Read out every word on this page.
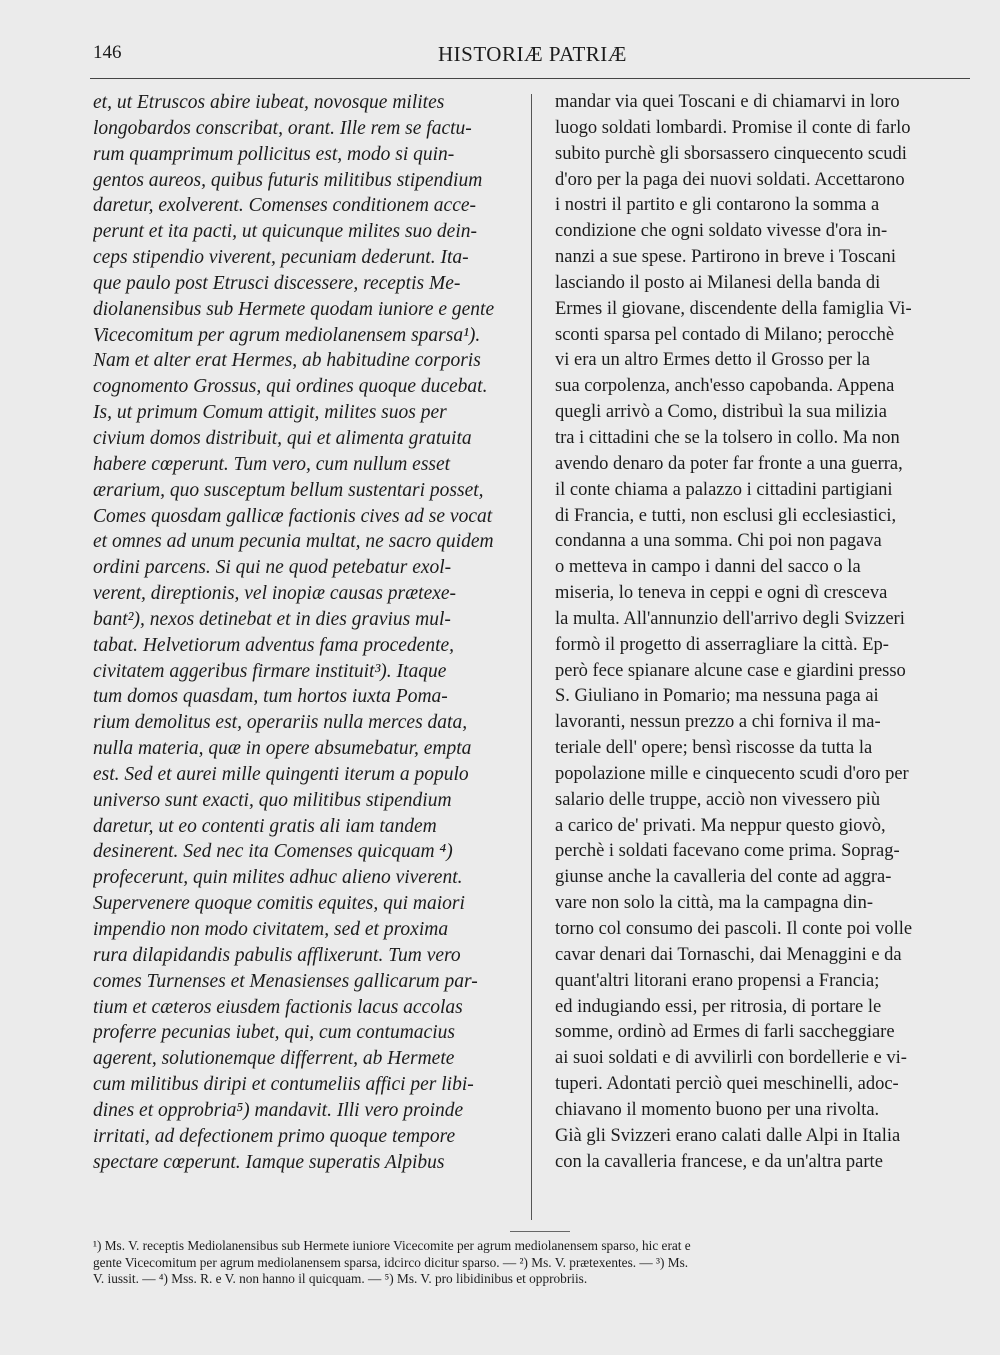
146	HISTORIÆ PATRIÆ
et, ut Etruscos abire iubeat, novosque milites
longobardos conscribat, orant. Ille rem se factu-
rum quamprimum pollicitus est, modo si quin-
gentos aureos, quibus futuris militibus stipendium
daretur, exolverent. Comenses conditionem acce-
perunt et ita pacti, ut quicunque milites suo dein-
ceps stipendio viverent, pecuniam dederunt. Ita-
que paulo post Etrusci discessere, receptis Me-
diolanensibus sub Hermete quodam iuniore e gente
Vicecomitum per agrum mediolanensem sparsa¹).
Nam et alter erat Hermes, ab habitudine corporis
cognomento Grossus, qui ordines quoque ducebat.
Is, ut primum Comum attigit, milites suos per
civium domos distribuit, qui et alimenta gratuita
habere cœperunt. Tum vero, cum nullum esset
ærarium, quo susceptum bellum sustentari posset,
Comes quosdam gallicæ factionis cives ad se vocat
et omnes ad unum pecunia multat, ne sacro quidem
ordini parcens. Si qui ne quod petebatur exol-
verent, direptionis, vel inopiæ causas prætexe-
bant²), nexos detinebat et in dies gravius mul-
tabat. Helvetiorum adventus fama procedente,
civitatem aggeribus firmare instituit³). Itaque
tum domos quasdam, tum hortos iuxta Poma-
rium demolitus est, operariis nulla merces data,
nulla materia, quæ in opere absumebatur, empta
est. Sed et aurei mille quingenti iterum a populo
universo sunt exacti, quo militibus stipendium
daretur, ut eo contenti gratis ali iam tandem
desinerent. Sed nec ita Comenses quicquam ⁴)
profecerunt, quin milites adhuc alieno viverent.
Supervenere quoque comitis equites, qui maiori
impendio non modo civitatem, sed et proxima
rura dilapidandis pabulis afflixerunt. Tum vero
comes Turnenses et Menasienses gallicarum par-
tium et cæteros eiusdem factionis lacus accolas
proferre pecunias iubet, qui, cum contumacius
agerent, solutionemque differrent, ab Hermete
cum militibus diripi et contumeliis affici per libi-
dines et opprobria⁵) mandavit. Illi vero proinde
irritati, ad defectionem primo quoque tempore
spectare cœperunt. Iamque superatis Alpibus
mandar via quei Toscani e di chiamarvi in loro
luogo soldati lombardi. Promise il conte di farlo
subito purchè gli sborsassero cinquecento scudi
d'oro per la paga dei nuovi soldati. Accettarono
i nostri il partito e gli contarono la somma a
condizione che ogni soldato vivesse d'ora in-
nanzi a sue spese. Partirono in breve i Toscani
lasciando il posto ai Milanesi della banda di
Ermes il giovane, discendente della famiglia Vi-
sconti sparsa pel contado di Milano; perocchè
vi era un altro Ermes detto il Grosso per la
sua corpolenza, anch'esso capobanda. Appena
quegli arrivò a Como, distribuì la sua milizia
tra i cittadini che se la tolsero in collo. Ma non
avendo denaro da poter far fronte a una guerra,
il conte chiama a palazzo i cittadini partigiani
di Francia, e tutti, non esclusi gli ecclesiastici,
condanna a una somma. Chi poi non pagava
o metteva in campo i danni del sacco o la
miseria, lo teneva in ceppi e ogni dì cresceva
la multa. All'annunzio dell'arrivo degli Svizzeri
formò il progetto di asserragliare la città. Ep-
però fece spianare alcune case e giardini presso
S. Giuliano in Pomario; ma nessuna paga ai
lavoranti, nessun prezzo a chi forniva il ma-
teriale dell' opere; bensì riscosse da tutta la
popolazione mille e cinquecento scudi d'oro per
salario delle truppe, acciò non vivessero più
a carico de' privati. Ma neppur questo giovò,
perchè i soldati facevano come prima. Soprag-
giunse anche la cavalleria del conte ad aggra-
vare non solo la città, ma la campagna din-
torno col consumo dei pascoli. Il conte poi volle
cavar denari dai Tornaschi, dai Menaggini e da
quant'altri litorani erano propensi a Francia;
ed indugiando essi, per ritrosia, di portare le
somme, ordinò ad Ermes di farli saccheggiare
ai suoi soldati e di avvilirli con bordellerie e vi-
tuperi. Adontati perciò quei meschinelli, adoc-
chiavano il momento buono per una rivolta.
Già gli Svizzeri erano calati dalle Alpi in Italia
con la cavalleria francese, e da un'altra parte
¹) Ms. V. receptis Mediolanensibus sub Hermete iuniore Vicecomite per agrum mediolanensem sparso, hic erat e
gente Vicecomitum per agrum mediolanensem sparsa, idcirco dicitur sparso. — ²) Ms. V. prætexentes. — ³) Ms.
V. iussit. — ⁴) Mss. R. e V. non hanno il quicquam. — ⁵) Ms. V. pro libidinibus et opprobriis.
